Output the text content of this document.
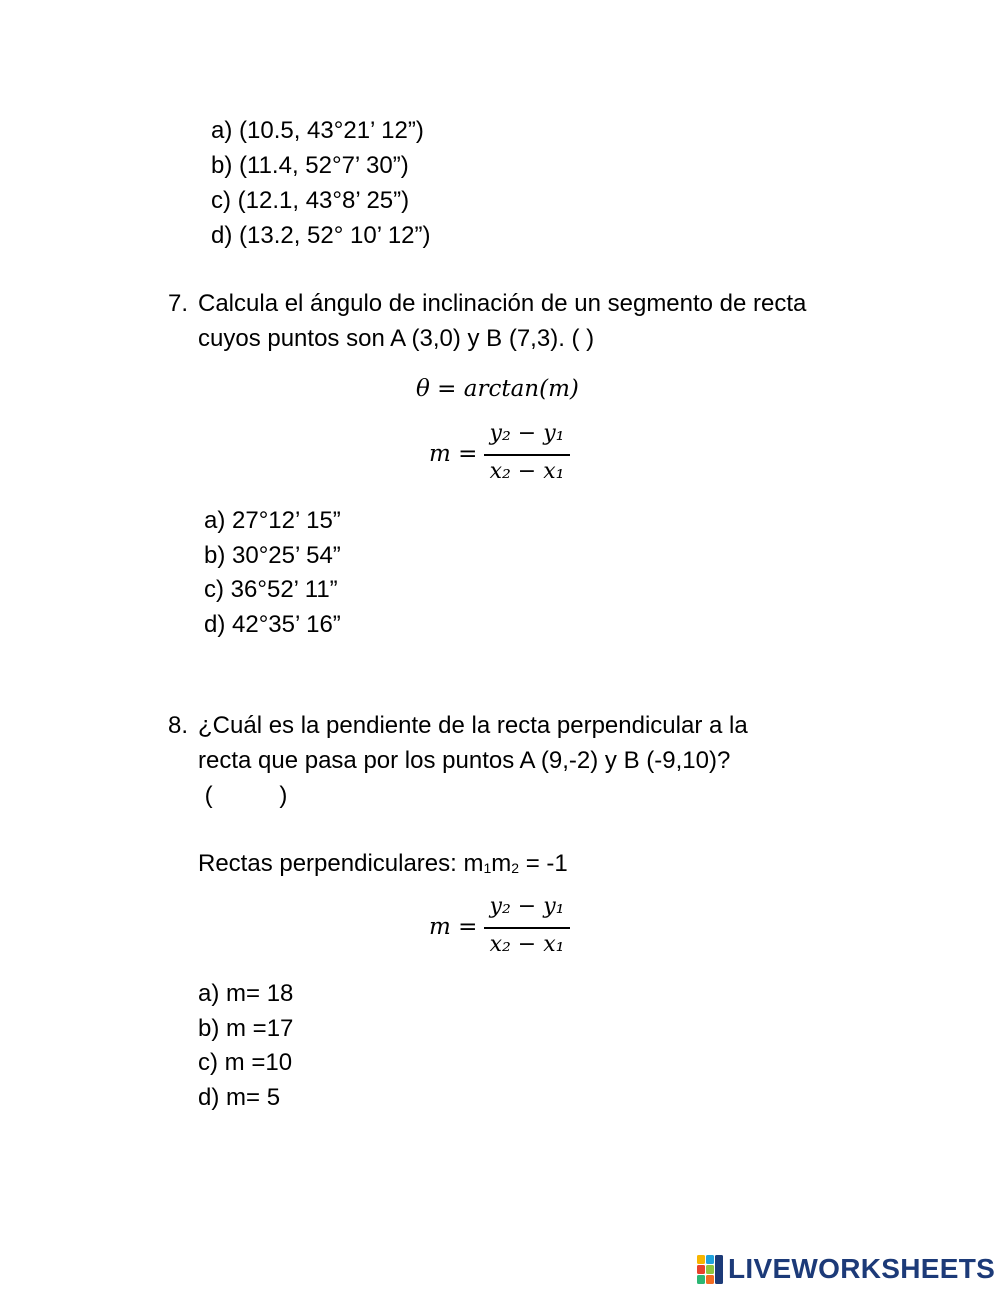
a) (10.5, 43°21’ 12”)
b) (11.4, 52°7’ 30”)
c) (12.1, 43°8’ 25”)
d) (13.2, 52° 10’ 12”)
7. Calcula el ángulo de inclinación de un segmento de recta
cuyos puntos son A (3,0) y B (7,3). ( )
θ = arctan(m)
m =
y₂ − y₁
x₂ − x₁
a) 27°12’ 15”
b) 30°25’ 54”
c) 36°52’ 11”
d) 42°35’ 16”
8. ¿Cuál es la pendiente de la recta perpendicular a la
recta que pasa por los puntos A (9,-2) y B (-9,10)?
(          )
Rectas perpendiculares: $m_1m_2 = -1$
m =
y₂ − y₁
x₂ − x₁
a) m= 18
b) m =17
c) m =10
d) m= 5
LIVEWORKSHEETS
